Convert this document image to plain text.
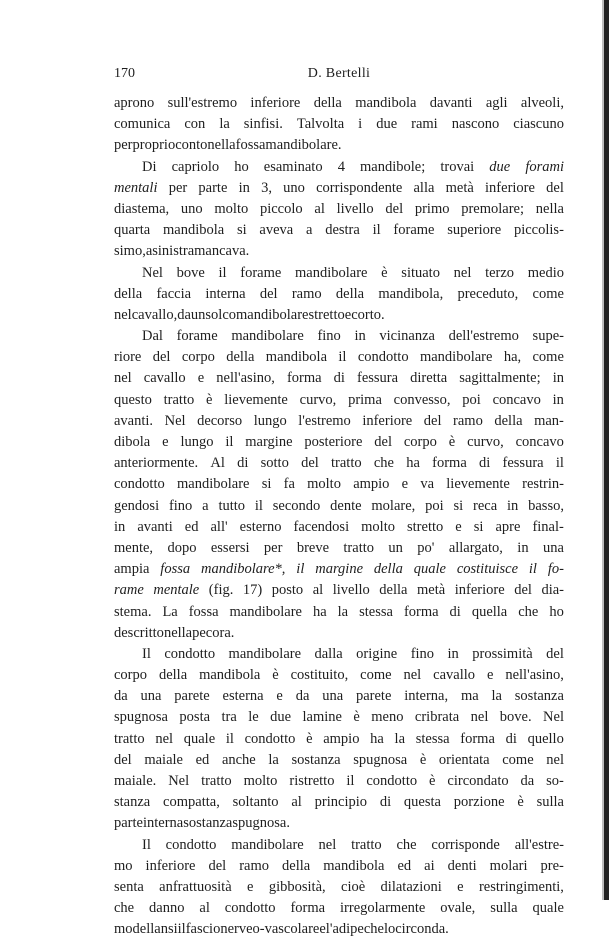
170	D. Bertelli
aprono sull'estremo inferiore della mandibola davanti agli alveoli,
comunica con la sinfisi. Talvolta i due rami nascono ciascuno
per proprio conto nella fossa mandibolare.
Di capriolo ho esaminato 4 mandibole; trovai due forami
mentali per parte in 3, uno corrispondente alla metà inferiore del
diastema, uno molto piccolo al livello del primo premolare; nella
quarta mandibola si aveva a destra il forame superiore piccolis-
simo, a sinistra mancava.
Nel bove il forame mandibolare è situato nel terzo medio
della faccia interna del ramo della mandibola, preceduto, come
nel cavallo, da un solco mandibolare stretto e corto.
Dal forame mandibolare fino in vicinanza dell'estremo supe-
riore del corpo della mandibola il condotto mandibolare ha, come
nel cavallo e nell'asino, forma di fessura diretta sagittalmente; in
questo tratto è lievemente curvo, prima convesso, poi concavo in
avanti. Nel decorso lungo l'estremo inferiore del ramo della man-
dibola e lungo il margine posteriore del corpo è curvo, concavo
anteriormente. Al di sotto del tratto che ha forma di fessura il
condotto mandibolare si fa molto ampio e va lievemente restrin-
gendosi fino a tutto il secondo dente molare, poi si reca in basso,
in avanti ed all' esterno facendosi molto stretto e si apre final-
mente, dopo essersi per breve tratto un po' allargato, in una
ampia fossa mandibolare*, il margine della quale costituisce il fo-
rame mentale (fig. 17) posto al livello della metà inferiore del dia-
stema. La fossa mandibolare ha la stessa forma di quella che ho
descritto nella pecora.
Il condotto mandibolare dalla origine fino in prossimità del
corpo della mandibola è costituito, come nel cavallo e nell'asino,
da una parete esterna e da una parete interna, ma la sostanza
spugnosa posta tra le due lamine è meno cribrata nel bove. Nel
tratto nel quale il condotto è ampio ha la stessa forma di quello
del maiale ed anche la sostanza spugnosa è orientata come nel
maiale. Nel tratto molto ristretto il condotto è circondato da so-
stanza compatta, soltanto al principio di questa porzione è sulla
parte interna sostanza spugnosa.
Il condotto mandibolare nel tratto che corrisponde all'estre-
mo inferiore del ramo della mandibola ed ai denti molari pre-
senta anfrattuosità e gibbosità, cioè dilatazioni e restringimenti,
che danno al condotto forma irregolarmente ovale, sulla quale
modellansi il fascio nerveo-vascolare e l'adipe che lo circonda.
